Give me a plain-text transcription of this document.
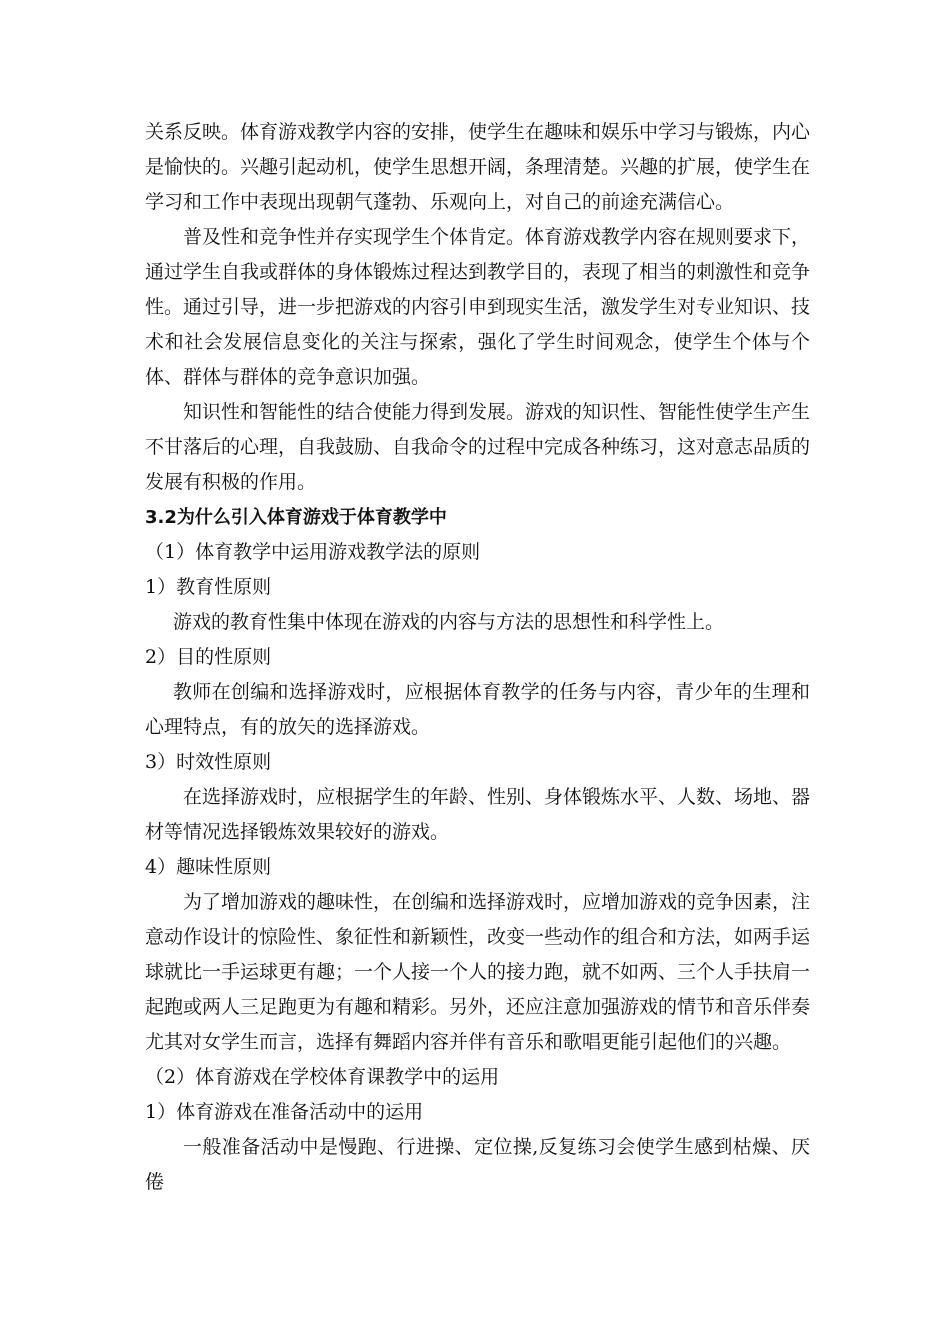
关系反映。体育游戏教学内容的安排，使学生在趣味和娱乐中学习与锻炼，内心是愉快的。兴趣引起动机，使学生思想开阔，条理清楚。兴趣的扩展，使学生在学习和工作中表现出现朝气蓬勃、乐观向上，对自己的前途充满信心。

普及性和竞争性并存实现学生个体肯定。体育游戏教学内容在规则要求下，通过学生自我或群体的身体锻炼过程达到教学目的，表现了相当的刺激性和竞争性。通过引导，进一步把游戏的内容引申到现实生活，激发学生对专业知识、技术和社会发展信息变化的关注与探索，强化了学生时间观念，使学生个体与个体、群体与群体的竞争意识加强。

知识性和智能性的结合使能力得到发展。游戏的知识性、智能性使学生产生不甘落后的心理，自我鼓励、自我命令的过程中完成各种练习，这对意志品质的发展有积极的作用。

3.2为什么引入体育游戏于体育教学中

（1）体育教学中运用游戏教学法的原则

1）教育性原则

游戏的教育性集中体现在游戏的内容与方法的思想性和科学性上。

2）目的性原则

教师在创编和选择游戏时，应根据体育教学的任务与内容，青少年的生理和心理特点，有的放矢的选择游戏。

3）时效性原则

在选择游戏时，应根据学生的年龄、性别、身体锻炼水平、人数、场地、器材等情况选择锻炼效果较好的游戏。

4）趣味性原则

为了增加游戏的趣味性，在创编和选择游戏时，应增加游戏的竞争因素，注意动作设计的惊险性、象征性和新颖性，改变一些动作的组合和方法，如两手运球就比一手运球更有趣；一个人接一个人的接力跑，就不如两、三个人手扶肩一起跑或两人三足跑更为有趣和精彩。另外，还应注意加强游戏的情节和音乐伴奏尤其对女学生而言，选择有舞蹈内容并伴有音乐和歌唱更能引起他们的兴趣。

（2）体育游戏在学校体育课教学中的运用

1）体育游戏在准备活动中的运用

一般准备活动中是慢跑、行进操、定位操,反复练习会使学生感到枯燥、厌倦
